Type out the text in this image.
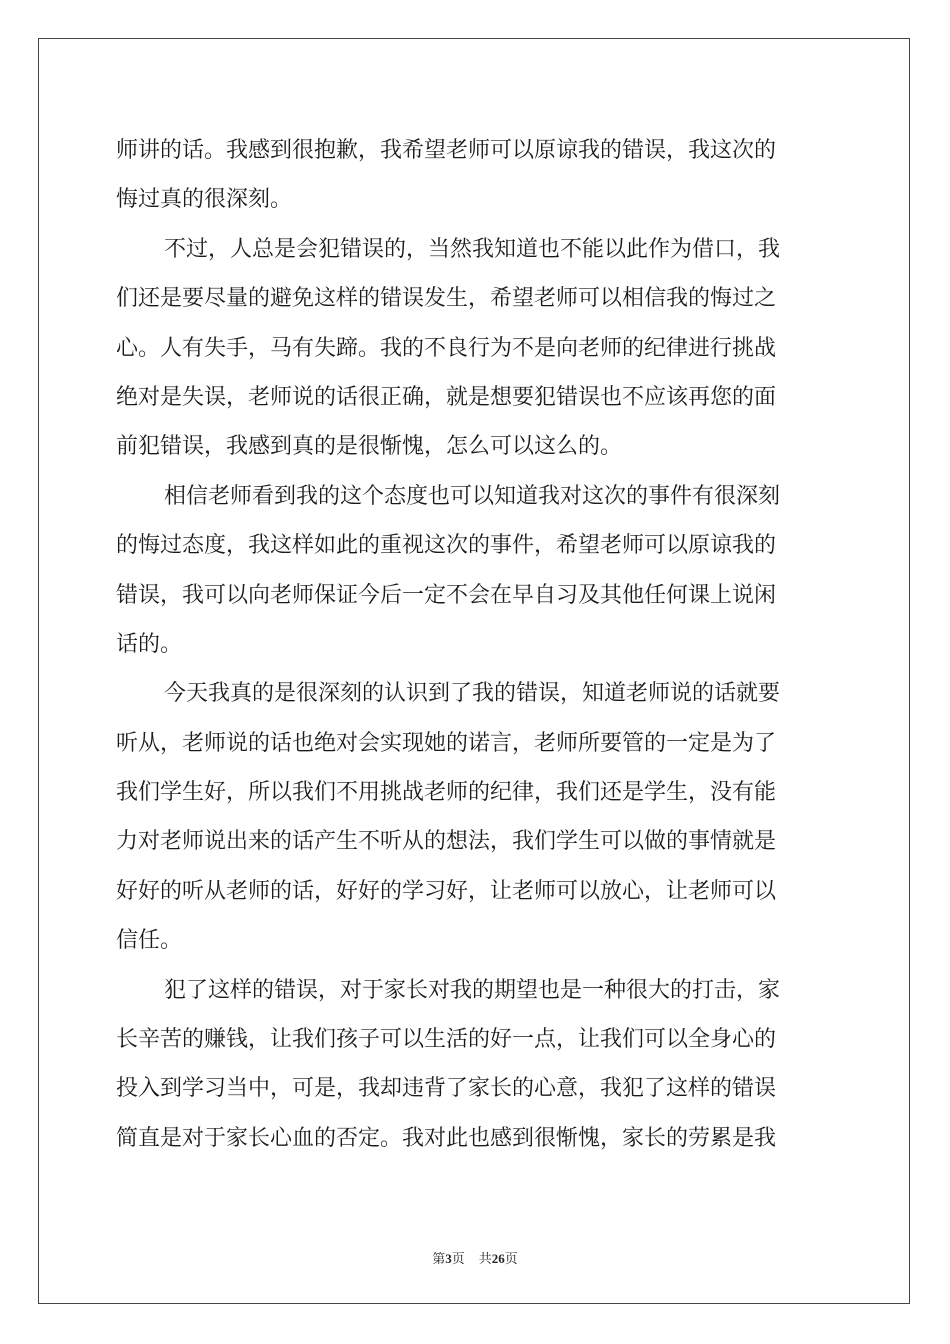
师讲的话。我感到很抱歉，我希望老师可以原谅我的错误，我这次的
悔过真的很深刻。
不过，人总是会犯错误的，当然我知道也不能以此作为借口，我
们还是要尽量的避免这样的错误发生，希望老师可以相信我的悔过之
心。人有失手，马有失蹄。我的不良行为不是向老师的纪律进行挑战
绝对是失误，老师说的话很正确，就是想要犯错误也不应该再您的面
前犯错误，我感到真的是很惭愧，怎么可以这么的。
相信老师看到我的这个态度也可以知道我对这次的事件有很深刻
的悔过态度，我这样如此的重视这次的事件，希望老师可以原谅我的
错误，我可以向老师保证今后一定不会在早自习及其他任何课上说闲
话的。
今天我真的是很深刻的认识到了我的错误，知道老师说的话就要
听从，老师说的话也绝对会实现她的诺言，老师所要管的一定是为了
我们学生好，所以我们不用挑战老师的纪律，我们还是学生，没有能
力对老师说出来的话产生不听从的想法，我们学生可以做的事情就是
好好的听从老师的话，好好的学习好，让老师可以放心，让老师可以
信任。
犯了这样的错误，对于家长对我的期望也是一种很大的打击，家
长辛苦的赚钱，让我们孩子可以生活的好一点，让我们可以全身心的
投入到学习当中，可是，我却违背了家长的心意，我犯了这样的错误
简直是对于家长心血的否定。我对此也感到很惭愧，家长的劳累是我
第3页 共26页
